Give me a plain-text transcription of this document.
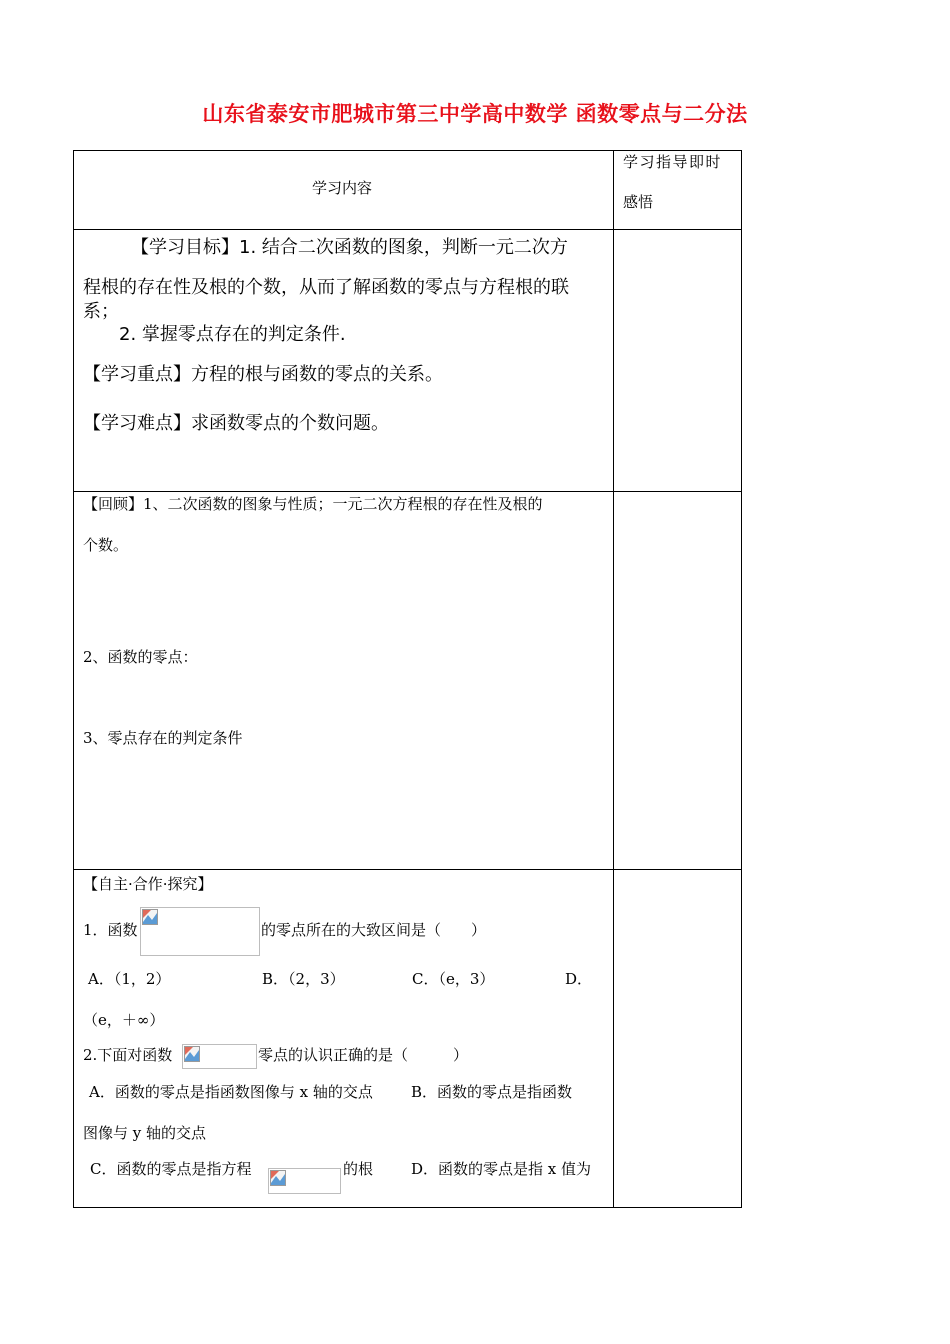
山东省泰安市肥城市第三中学高中数学 函数零点与二分法
学习内容
学习指导即时
感悟
【学习目标】1. 结合二次函数的图象，判断一元二次方
程根的存在性及根的个数，从而了解函数的零点与方程根的联
系；
2. 掌握零点存在的判定条件.
【学习重点】方程的根与函数的零点的关系。
【学习难点】求函数零点的个数问题。
【回顾】1、二次函数的图象与性质；一元二次方程根的存在性及根的
个数。
2、函数的零点：
3、零点存在的判定条件
【自主·合作·探究】
1．函数	的零点所在的大致区间是（　　）
A．（1，2）	B．（2，3）	C．（e，3）	D．
（e，＋∞）
2.下面对函数	零点的认识正确的是（　　　）
A．函数的零点是指函数图像与 x 轴的交点	B．函数的零点是指函数
图像与 y 轴的交点
C．函数的零点是指方程	的根	D．函数的零点是指 x 值为
